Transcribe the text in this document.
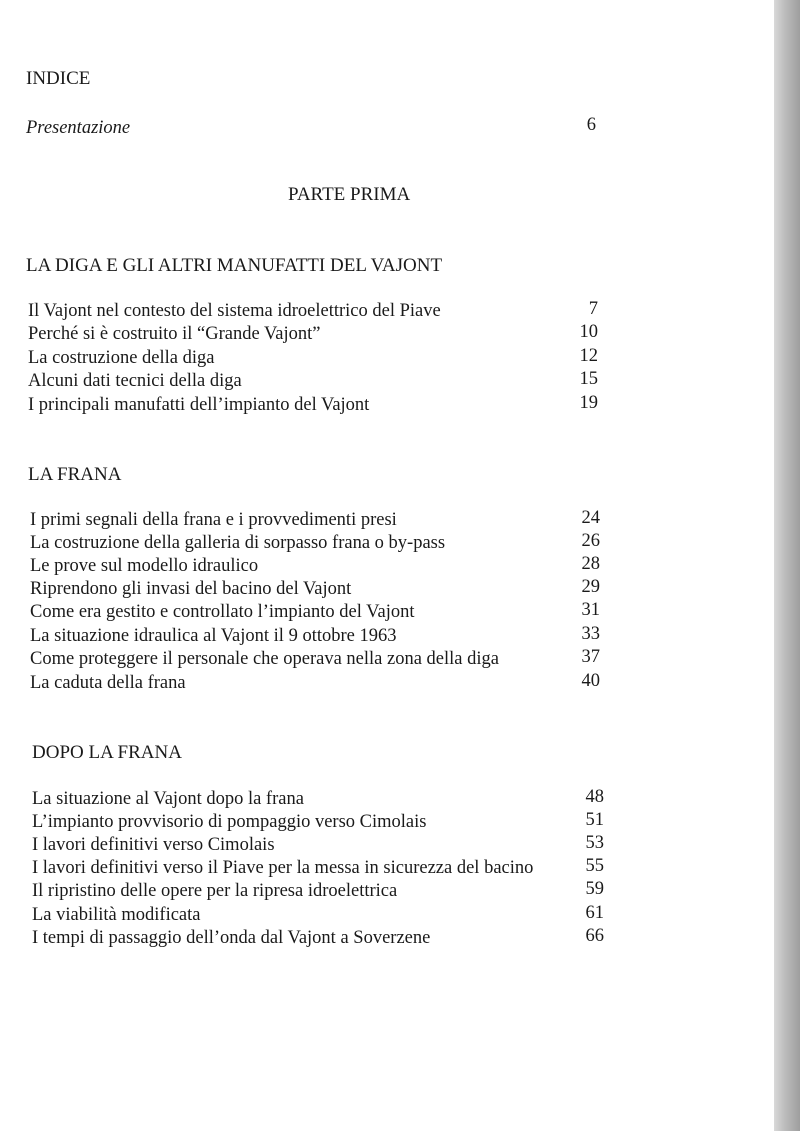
INDICE
Presentazione	6
PARTE PRIMA
LA DIGA E GLI ALTRI MANUFATTI DEL VAJONT
Il Vajont nel contesto del sistema idroelettrico del Piave	7
Perché si è costruito il “Grande Vajont”	10
La costruzione della diga	12
Alcuni dati tecnici della diga	15
I principali manufatti dell’impianto del Vajont	19
LA FRANA
I primi segnali della frana e i provvedimenti presi	24
La costruzione della galleria di sorpasso frana o by-pass	26
Le prove sul modello idraulico	28
Riprendono gli invasi del bacino del Vajont	29
Come era gestito e controllato l’impianto del Vajont	31
La situazione idraulica al Vajont il 9 ottobre 1963	33
Come proteggere il personale che operava nella zona della diga	37
La caduta della frana	40
DOPO LA FRANA
La situazione al Vajont dopo la frana	48
L’impianto provvisorio di pompaggio verso Cimolais	51
I lavori definitivi verso Cimolais	53
I lavori definitivi verso il Piave per la messa in sicurezza del bacino	55
Il ripristino delle opere per la ripresa idroelettrica	59
La viabilità modificata	61
I tempi di passaggio dell’onda dal Vajont a Soverzene	66
